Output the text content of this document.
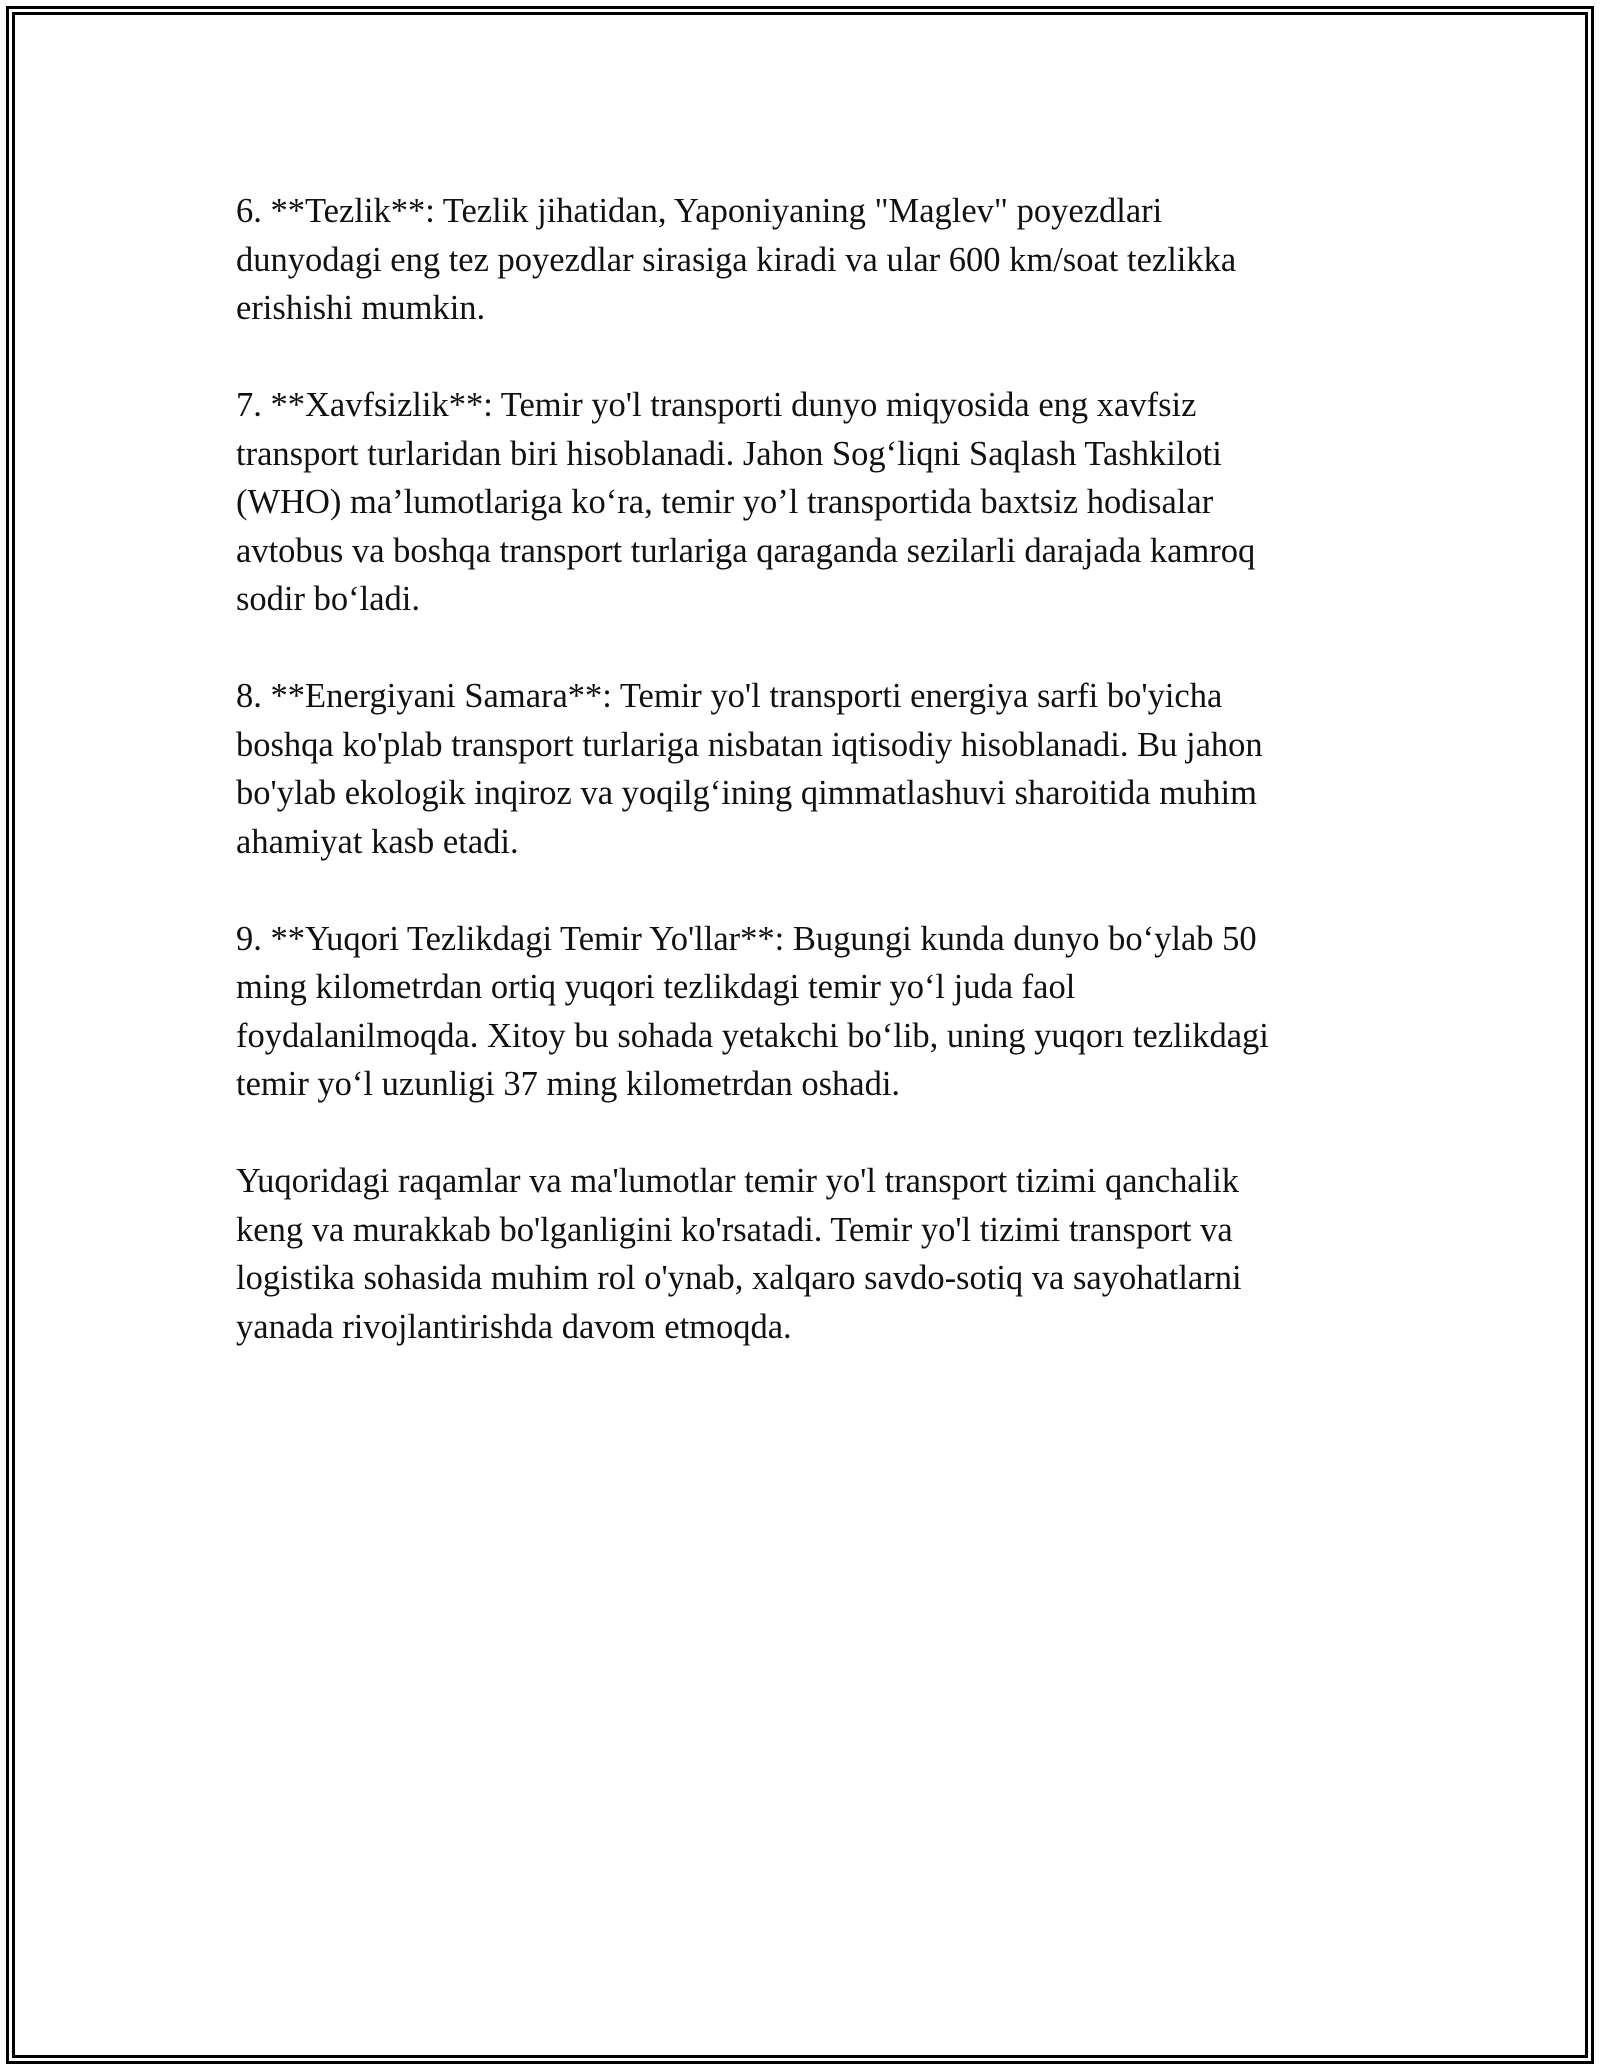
6. **Tezlik**: Tezlik jihatidan, Yaponiyaning "Maglev" poyezdlari
dunyodagi eng tez poyezdlar sirasiga kiradi va ular 600 km/soat tezlikka
erishishi mumkin.

7. **Xavfsizlik**: Temir yo'l transporti dunyo miqyosida eng xavfsiz
transport turlaridan biri hisoblanadi. Jahon Sog‘liqni Saqlash Tashkiloti
(WHO) ma’lumotlariga ko‘ra, temir yo’l transportida baxtsiz hodisalar
avtobus va boshqa transport turlariga qaraganda sezilarli darajada kamroq
sodir bo‘ladi.

8. **Energiyani Samara**: Temir yo'l transporti energiya sarfi bo'yicha
boshqa ko'plab transport turlariga nisbatan iqtisodiy hisoblanadi. Bu jahon
bo'ylab ekologik inqiroz va yoqilg‘ining qimmatlashuvi sharoitida muhim
ahamiyat kasb etadi.

9. **Yuqori Tezlikdagi Temir Yo'llar**: Bugungi kunda dunyo bo‘ylab 50
ming kilometrdan ortiq yuqori tezlikdagi temir yo‘l juda faol
foydalanilmoqda. Xitoy bu sohada yetakchi bo‘lib, uning yuqorı tezlikdagi
temir yo‘l uzunligi 37 ming kilometrdan oshadi.

Yuqoridagi raqamlar va ma'lumotlar temir yo'l transport tizimi qanchalik
keng va murakkab bo'lganligini ko'rsatadi. Temir yo'l tizimi transport va
logistika sohasida muhim rol o'ynab, xalqaro savdo-sotiq va sayohatlarni
yanada rivojlantirishda davom etmoqda.
